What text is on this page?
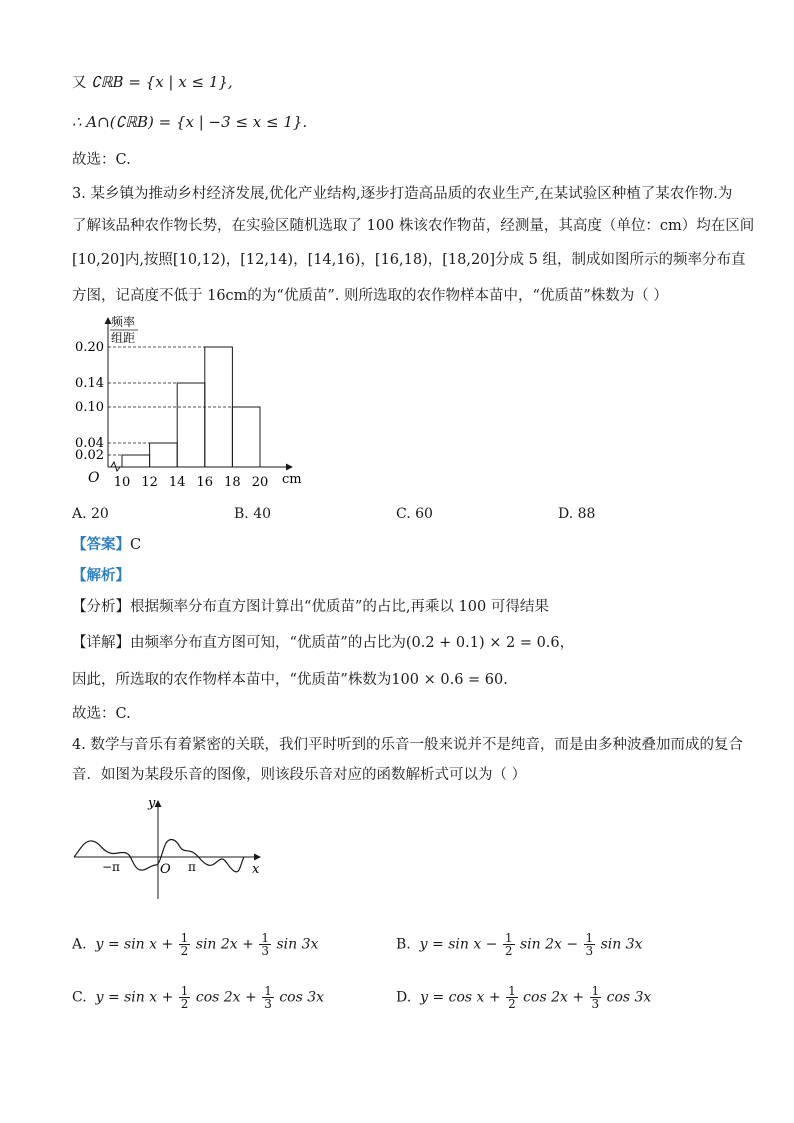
又 ∁ℝB = {x | x ≤ 1},
∴ A∩(∁ℝB) = {x | −3 ≤ x ≤ 1}.
故选：C.
3. 某乡镇为推动乡村经济发展,优化产业结构,逐步打造高品质的农业生产,在某试验区种植了某农作物.为
了解该品种农作物长势，在实验区随机选取了 100 株该农作物苗，经测量，其高度（单位：cm）均在区间
[10,20]内,按照[10,12)，[12,14)，[14,16)，[16,18)，[18,20]分成 5 组，制成如图所示的频率分布直
方图，记高度不低于 16cm的为“优质苗”. 则所选取的农作物样本苗中，“优质苗”株数为（ ）
0.20
0.14
0.10
0.04
0.02
10 12 14 16 18 20 cm
O
频率
组距
A. 20	B. 40	C. 60	D. 88
【答案】C
【解析】
【分析】根据频率分布直方图计算出“优质苗”的占比,再乘以 100 可得结果
【详解】由频率分布直方图可知，“优质苗”的占比为(0.2 + 0.1) × 2 = 0.6，
因此，所选取的农作物样本苗中，“优质苗”株数为100 × 0.6 = 60.
故选：C.
4. 数学与音乐有着紧密的关联，我们平时听到的乐音一般来说并不是纯音，而是由多种波叠加而成的复合
音．如图为某段乐音的图像，则该段乐音对应的函数解析式可以为（ ）
y
x
O
−π	π
A. $y = \sin x + \frac{1}{2}$ $\sin 2x + \frac{1}{3}$ sin 3x	B. $y = \sin x - \frac{1}{2}$ $\sin 2x - \frac{1}{3}$ sin 3x
C. $y = \sin x + \frac{1}{2}$ $\cos 2x + \frac{1}{3}$ cos 3x	D. $y = \cos x + \frac{1}{2}$ $\cos 2x + \frac{1}{3}$ cos 3x
